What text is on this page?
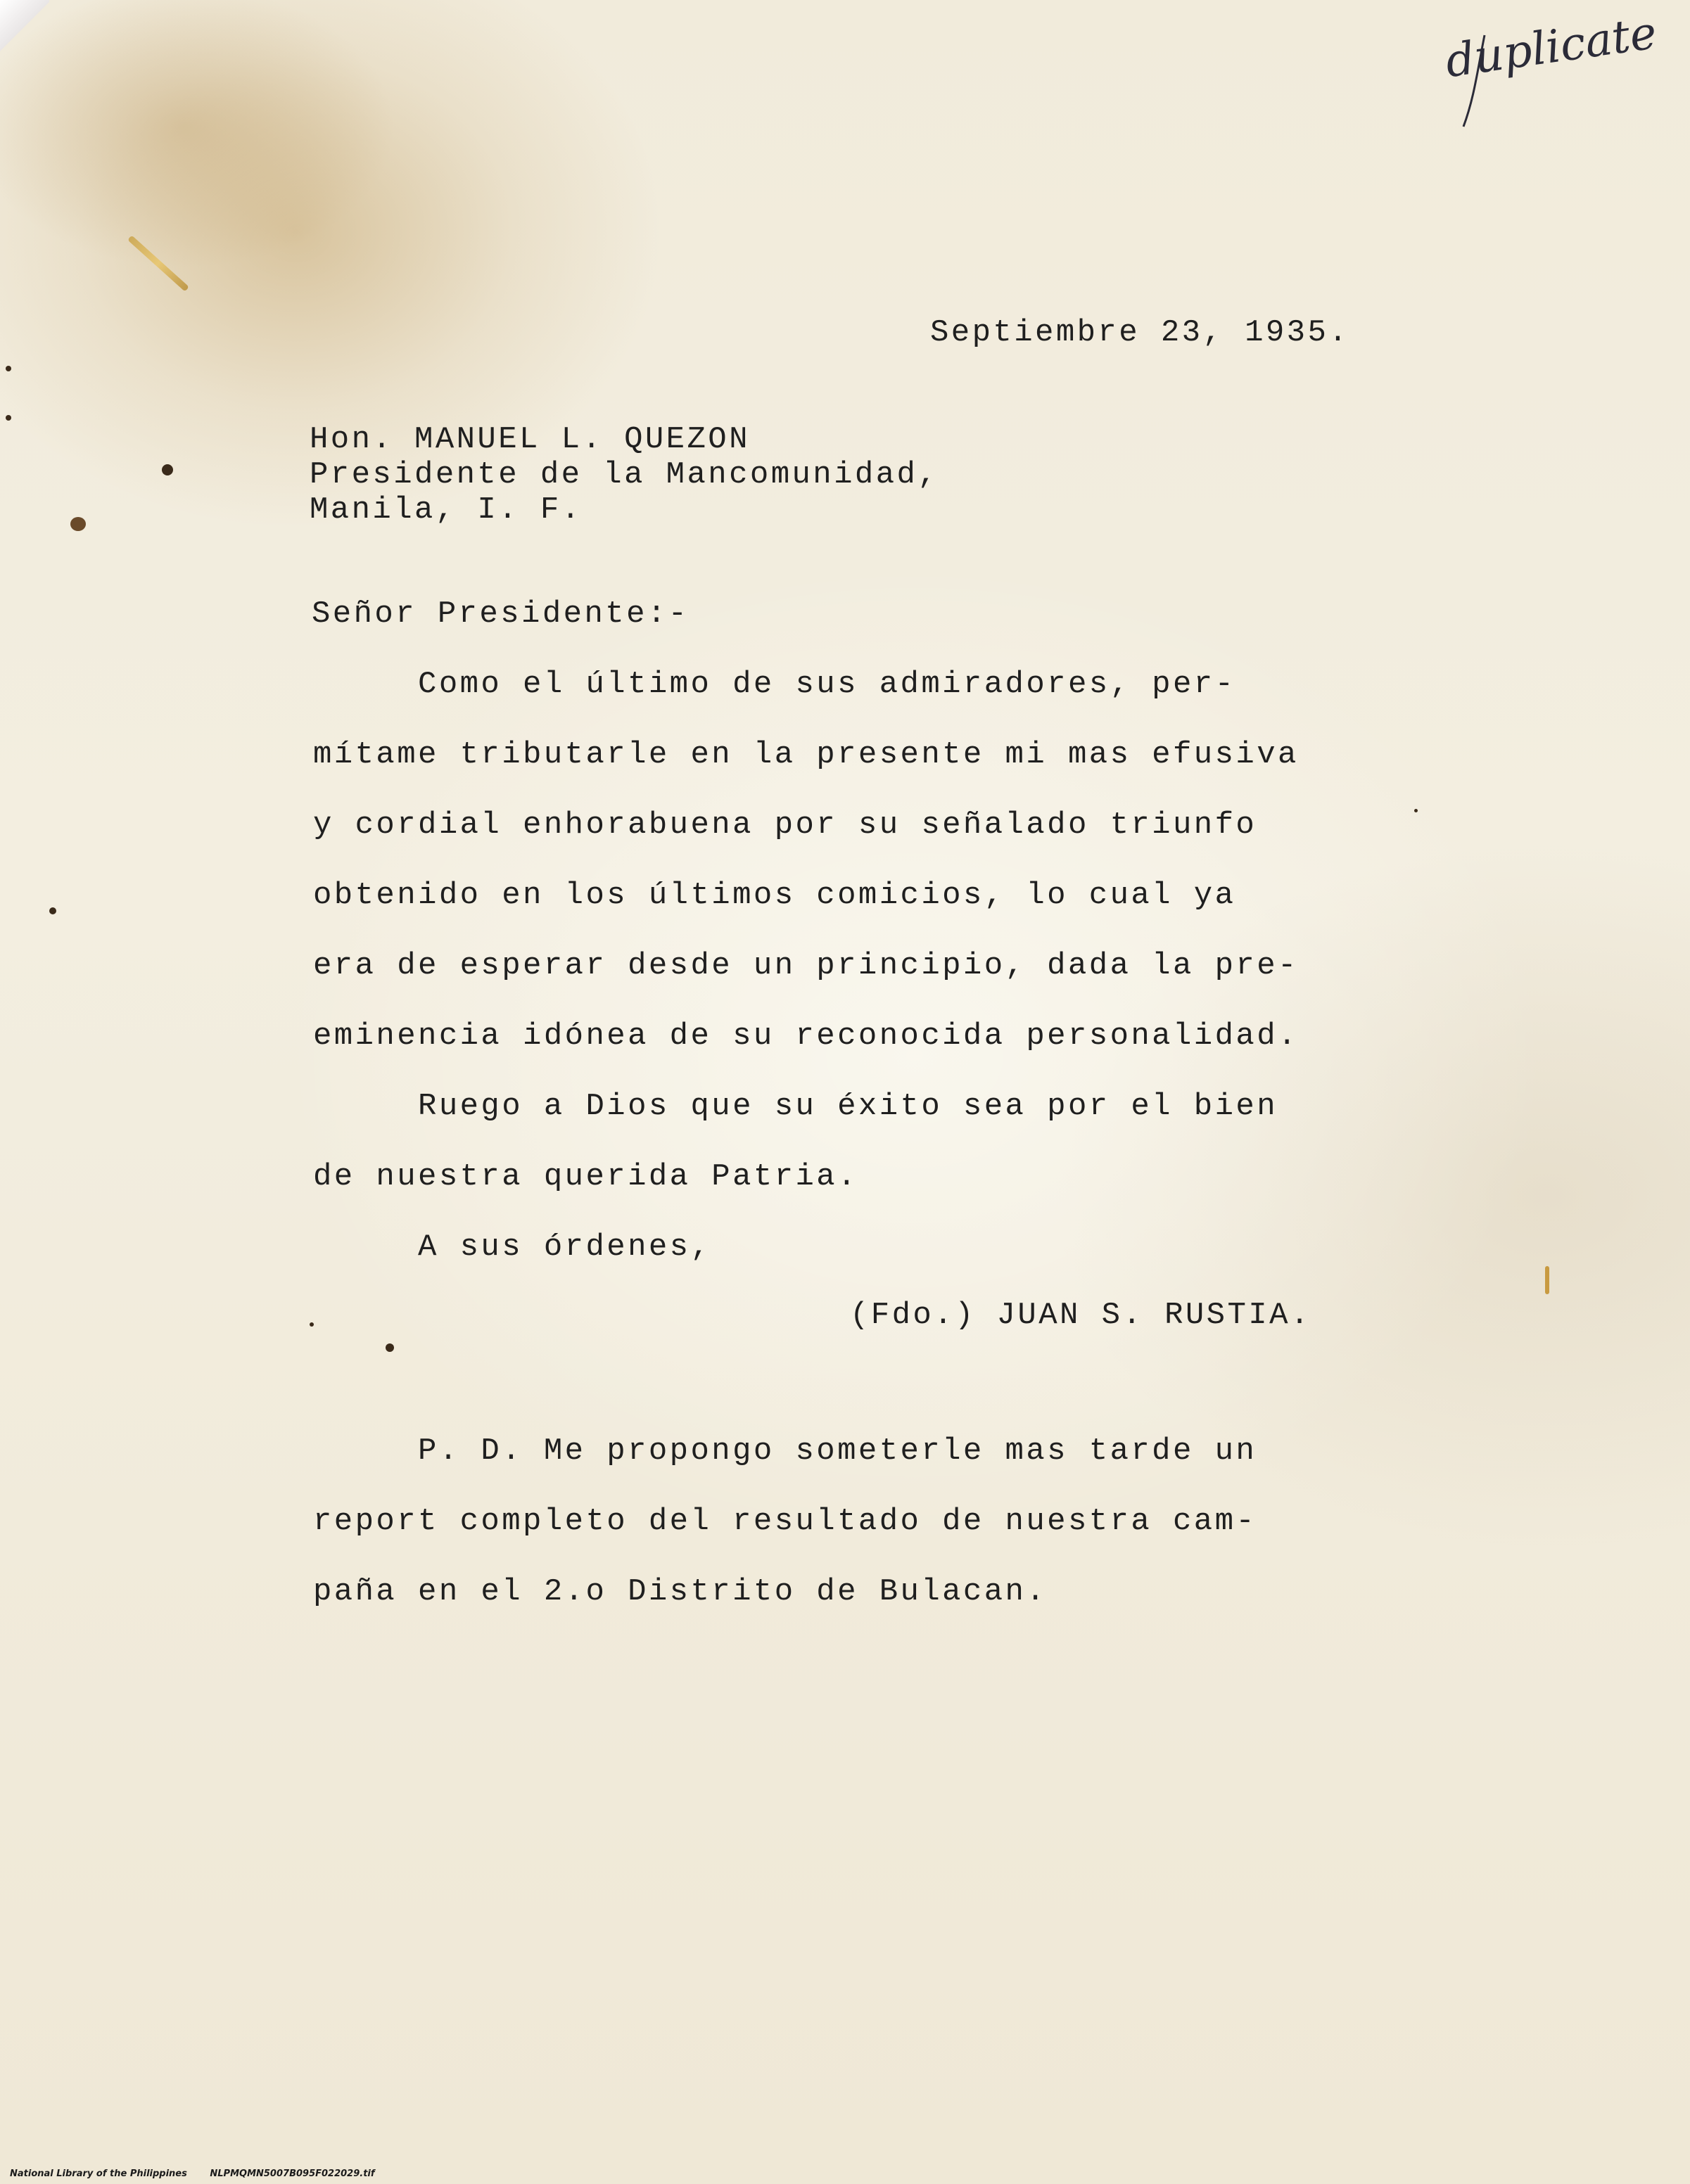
duplicate
Septiembre 23, 1935.
Hon. MANUEL L. QUEZON
Presidente de la Mancomunidad,
Manila, I. F.
Señor Presidente:-
Como el último de sus admiradores, per-
mítame tributarle en la presente mi mas efusiva
y cordial enhorabuena por su señalado triunfo
obtenido en los últimos comicios, lo cual ya
era de esperar desde un principio, dada la pre-
eminencia idónea de su reconocida personalidad.
Ruego a Dios que su éxito sea por el bien
de nuestra querida Patria.
A sus órdenes,
(Fdo.) JUAN S. RUSTIA.
P. D. Me propongo someterle mas tarde un
report completo del resultado de nuestra cam-
paña en el 2.o Distrito de Bulacan.
National Library of the Philippines	NLPMQMN5007B095F022029.tif
